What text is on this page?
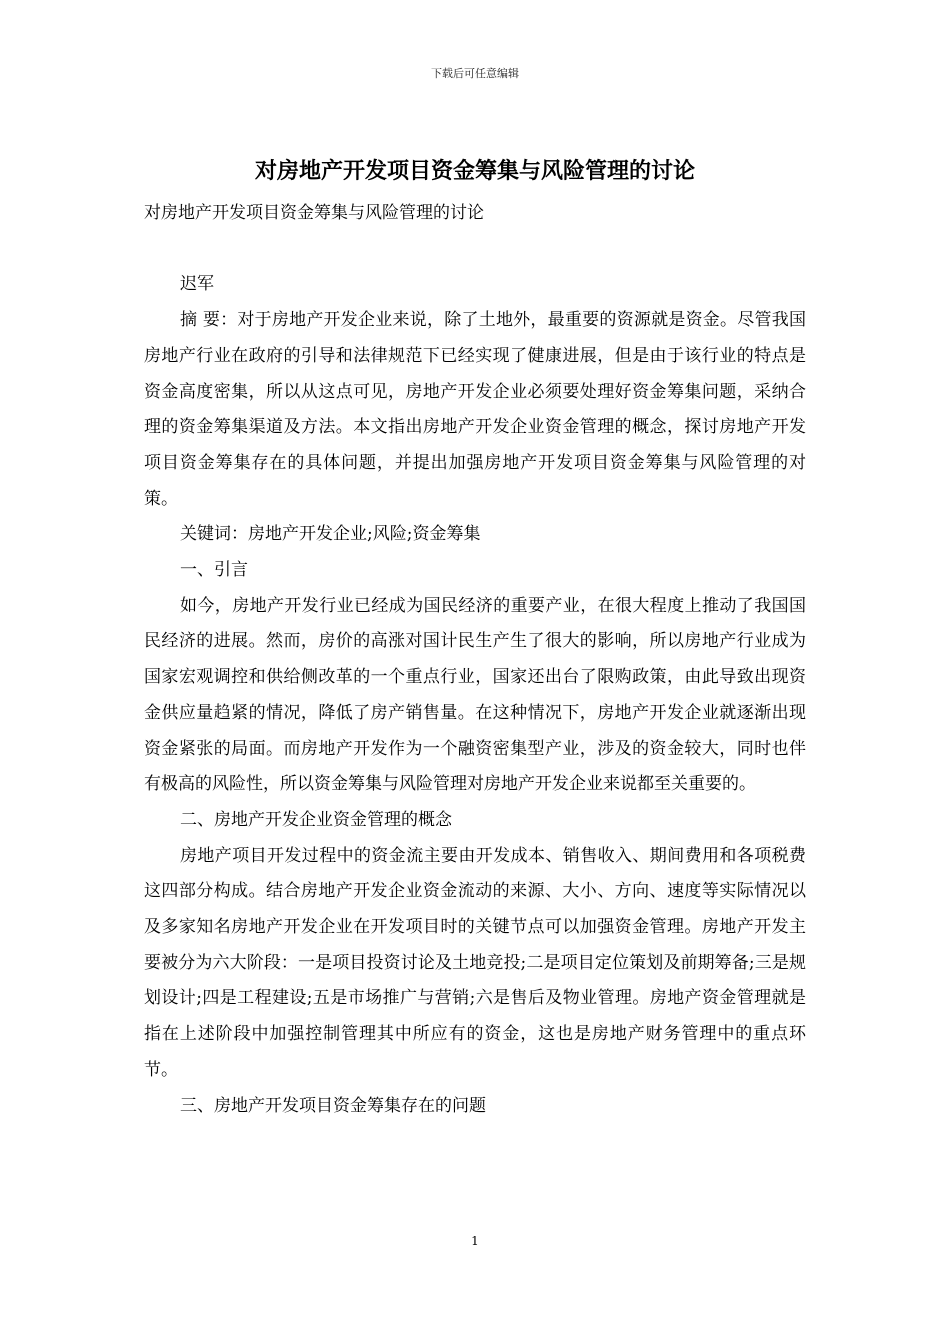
下载后可任意编辑
对房地产开发项目资金筹集与风险管理的讨论

对房地产开发项目资金筹集与风险管理的讨论

迟军

摘 要：对于房地产开发企业来说，除了土地外，最重要的资源就是资金。尽管我国房地产行业在政府的引导和法律规范下已经实现了健康进展，但是由于该行业的特点是资金高度密集，所以从这点可见，房地产开发企业必须要处理好资金筹集问题，采纳合理的资金筹集渠道及方法。本文指出房地产开发企业资金管理的概念，探讨房地产开发项目资金筹集存在的具体问题，并提出加强房地产开发项目资金筹集与风险管理的对策。

关键词：房地产开发企业;风险;资金筹集

一、引言

如今，房地产开发行业已经成为国民经济的重要产业，在很大程度上推动了我国国民经济的进展。然而，房价的高涨对国计民生产生了很大的影响，所以房地产行业成为国家宏观调控和供给侧改革的一个重点行业，国家还出台了限购政策，由此导致出现资金供应量趋紧的情况，降低了房产销售量。在这种情况下，房地产开发企业就逐渐出现资金紧张的局面。而房地产开发作为一个融资密集型产业，涉及的资金较大，同时也伴有极高的风险性，所以资金筹集与风险管理对房地产开发企业来说都至关重要的。

二、房地产开发企业资金管理的概念

房地产项目开发过程中的资金流主要由开发成本、销售收入、期间费用和各项税费这四部分构成。结合房地产开发企业资金流动的来源、大小、方向、速度等实际情况以及多家知名房地产开发企业在开发项目时的关键节点可以加强资金管理。房地产开发主要被分为六大阶段：一是项目投资讨论及土地竞投;二是项目定位策划及前期筹备;三是规划设计;四是工程建设;五是市场推广与营销;六是售后及物业管理。房地产资金管理就是指在上述阶段中加强控制管理其中所应有的资金，这也是房地产财务管理中的重点环节。

三、房地产开发项目资金筹集存在的问题

1
